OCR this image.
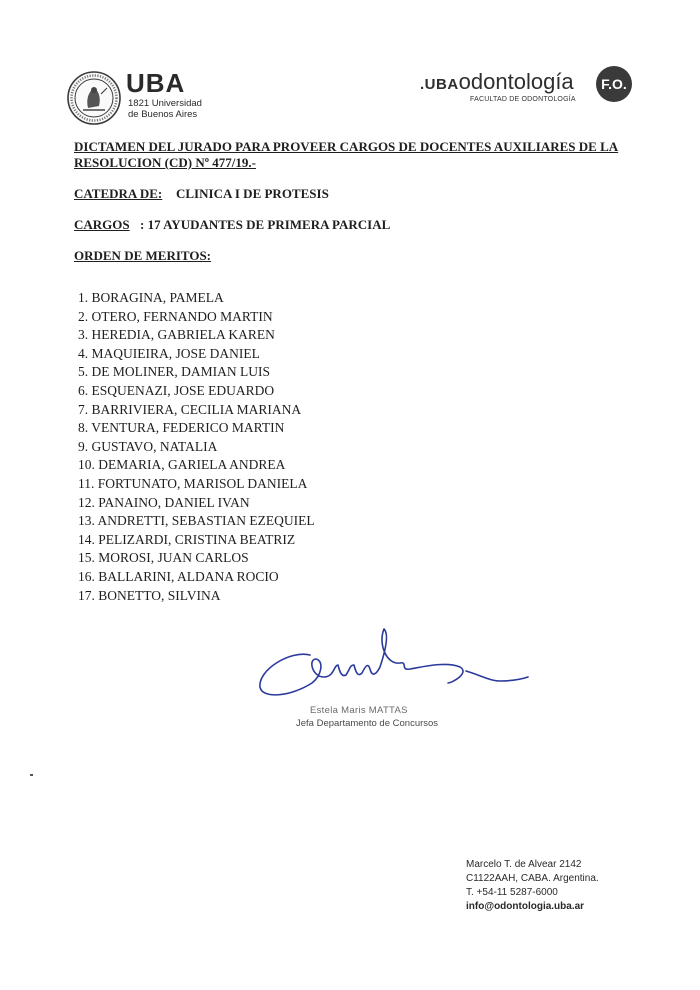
UBA
1821 Universidad
de Buenos Aires
.UBAodontología
FACULTAD DE ODONTOLOGÍA
F.O.
DICTAMEN DEL JURADO PARA PROVEER CARGOS DE DOCENTES AUXILIARES DE LA
RESOLUCION (CD) Nº 477/19.-
CATEDRA DE: CLINICA I DE PROTESIS
CARGOS : 17 AYUDANTES DE PRIMERA PARCIAL
ORDEN DE MERITOS:
1. BORAGINA, PAMELA
2. OTERO, FERNANDO MARTIN
3. HEREDIA, GABRIELA KAREN
4. MAQUIEIRA, JOSE DANIEL
5. DE MOLINER, DAMIAN LUIS
6. ESQUENAZI, JOSE EDUARDO
7. BARRIVIERA, CECILIA MARIANA
8. VENTURA, FEDERICO MARTIN
9. GUSTAVO, NATALIA
10. DEMARIA, GARIELA ANDREA
11. FORTUNATO, MARISOL DANIELA
12. PANAINO, DANIEL IVAN
13. ANDRETTI, SEBASTIAN EZEQUIEL
14. PELIZARDI, CRISTINA BEATRIZ
15. MOROSI, JUAN CARLOS
16. BALLARINI, ALDANA ROCIO
17. BONETTO, SILVINA
Estela Maris MATTAS
Jefa Departamento de Concursos
Marcelo T. de Alvear 2142
C1122AAH, CABA. Argentina.
T. +54-11 5287-6000
info@odontologia.uba.ar
